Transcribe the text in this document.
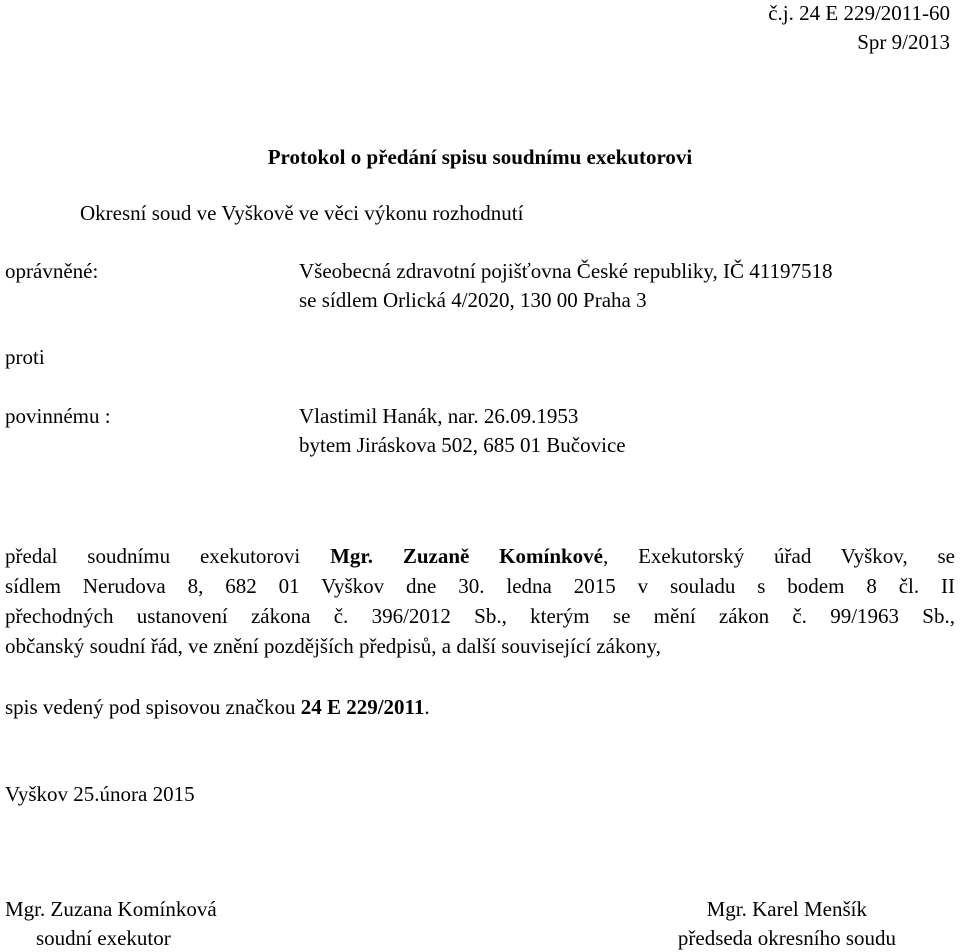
č.j. 24 E 229/2011-60
Spr 9/2013
Protokol o předání spisu soudnímu exekutorovi
Okresní soud ve Vyškově ve věci výkonu rozhodnutí
oprávněné:	Všeobecná zdravotní pojišťovna České republiky, IČ 41197518
se sídlem Orlická 4/2020, 130 00 Praha 3
proti
povinnému :	Vlastimil Hanák, nar. 26.09.1953
bytem Jiráskova 502, 685 01 Bučovice
předal soudnímu exekutorovi Mgr. Zuzaně Komínkové, Exekutorský úřad Vyškov, se
sídlem Nerudova 8, 682 01 Vyškov dne 30. ledna 2015 v souladu s bodem 8 čl. II
přechodných ustanovení zákona č. 396/2012 Sb., kterým se mění zákon č. 99/1963 Sb.,
občanský soudní řád, ve znění pozdějších předpisů, a další související zákony,
spis vedený pod spisovou značkou 24 E 229/2011.
Vyškov 25.února 2015
Mgr. Zuzana Komínková
soudní exekutor
Mgr. Karel Menšík
předseda okresního soudu
